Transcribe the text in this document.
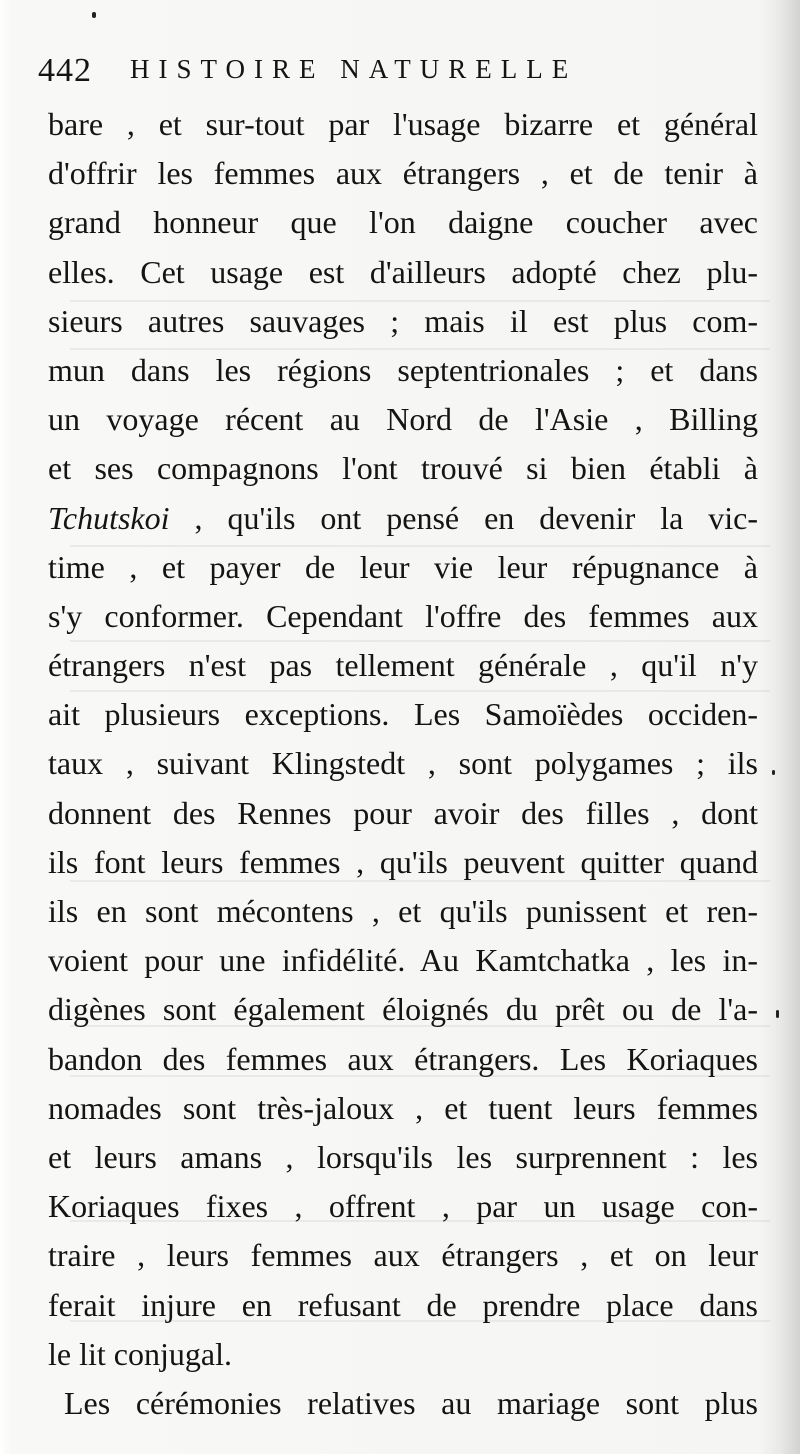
442 HISTOIRE NATURELLE
bare , et sur-tout par l'usage bizarre et général
d'offrir les femmes aux étrangers , et de tenir à
grand honneur que l'on daigne coucher avec
elles. Cet usage est d'ailleurs adopté chez plu-
sieurs autres sauvages ; mais il est plus com-
mun dans les régions septentrionales ; et dans
un voyage récent au Nord de l'Asie , Billing
et ses compagnons l'ont trouvé si bien établi à
Tchutskoi , qu'ils ont pensé en devenir la vic-
time , et payer de leur vie leur répugnance à
s'y conformer. Cependant l'offre des femmes aux
étrangers n'est pas tellement générale , qu'il n'y
ait plusieurs exceptions. Les Samoïèdes occiden-
taux , suivant Klingstedt , sont polygames ; ils
donnent des Rennes pour avoir des filles , dont
ils font leurs femmes , qu'ils peuvent quitter quand
ils en sont mécontens , et qu'ils punissent et ren-
voient pour une infidélité. Au Kamtchatka , les in-
digènes sont également éloignés du prêt ou de l'a-
bandon des femmes aux étrangers. Les Koriaques
nomades sont très-jaloux , et tuent leurs femmes
et leurs amans , lorsqu'ils les surprennent : les
Koriaques fixes , offrent , par un usage con-
traire , leurs femmes aux étrangers , et on leur
ferait injure en refusant de prendre place dans
le lit conjugal.
Les cérémonies relatives au mariage sont plus
